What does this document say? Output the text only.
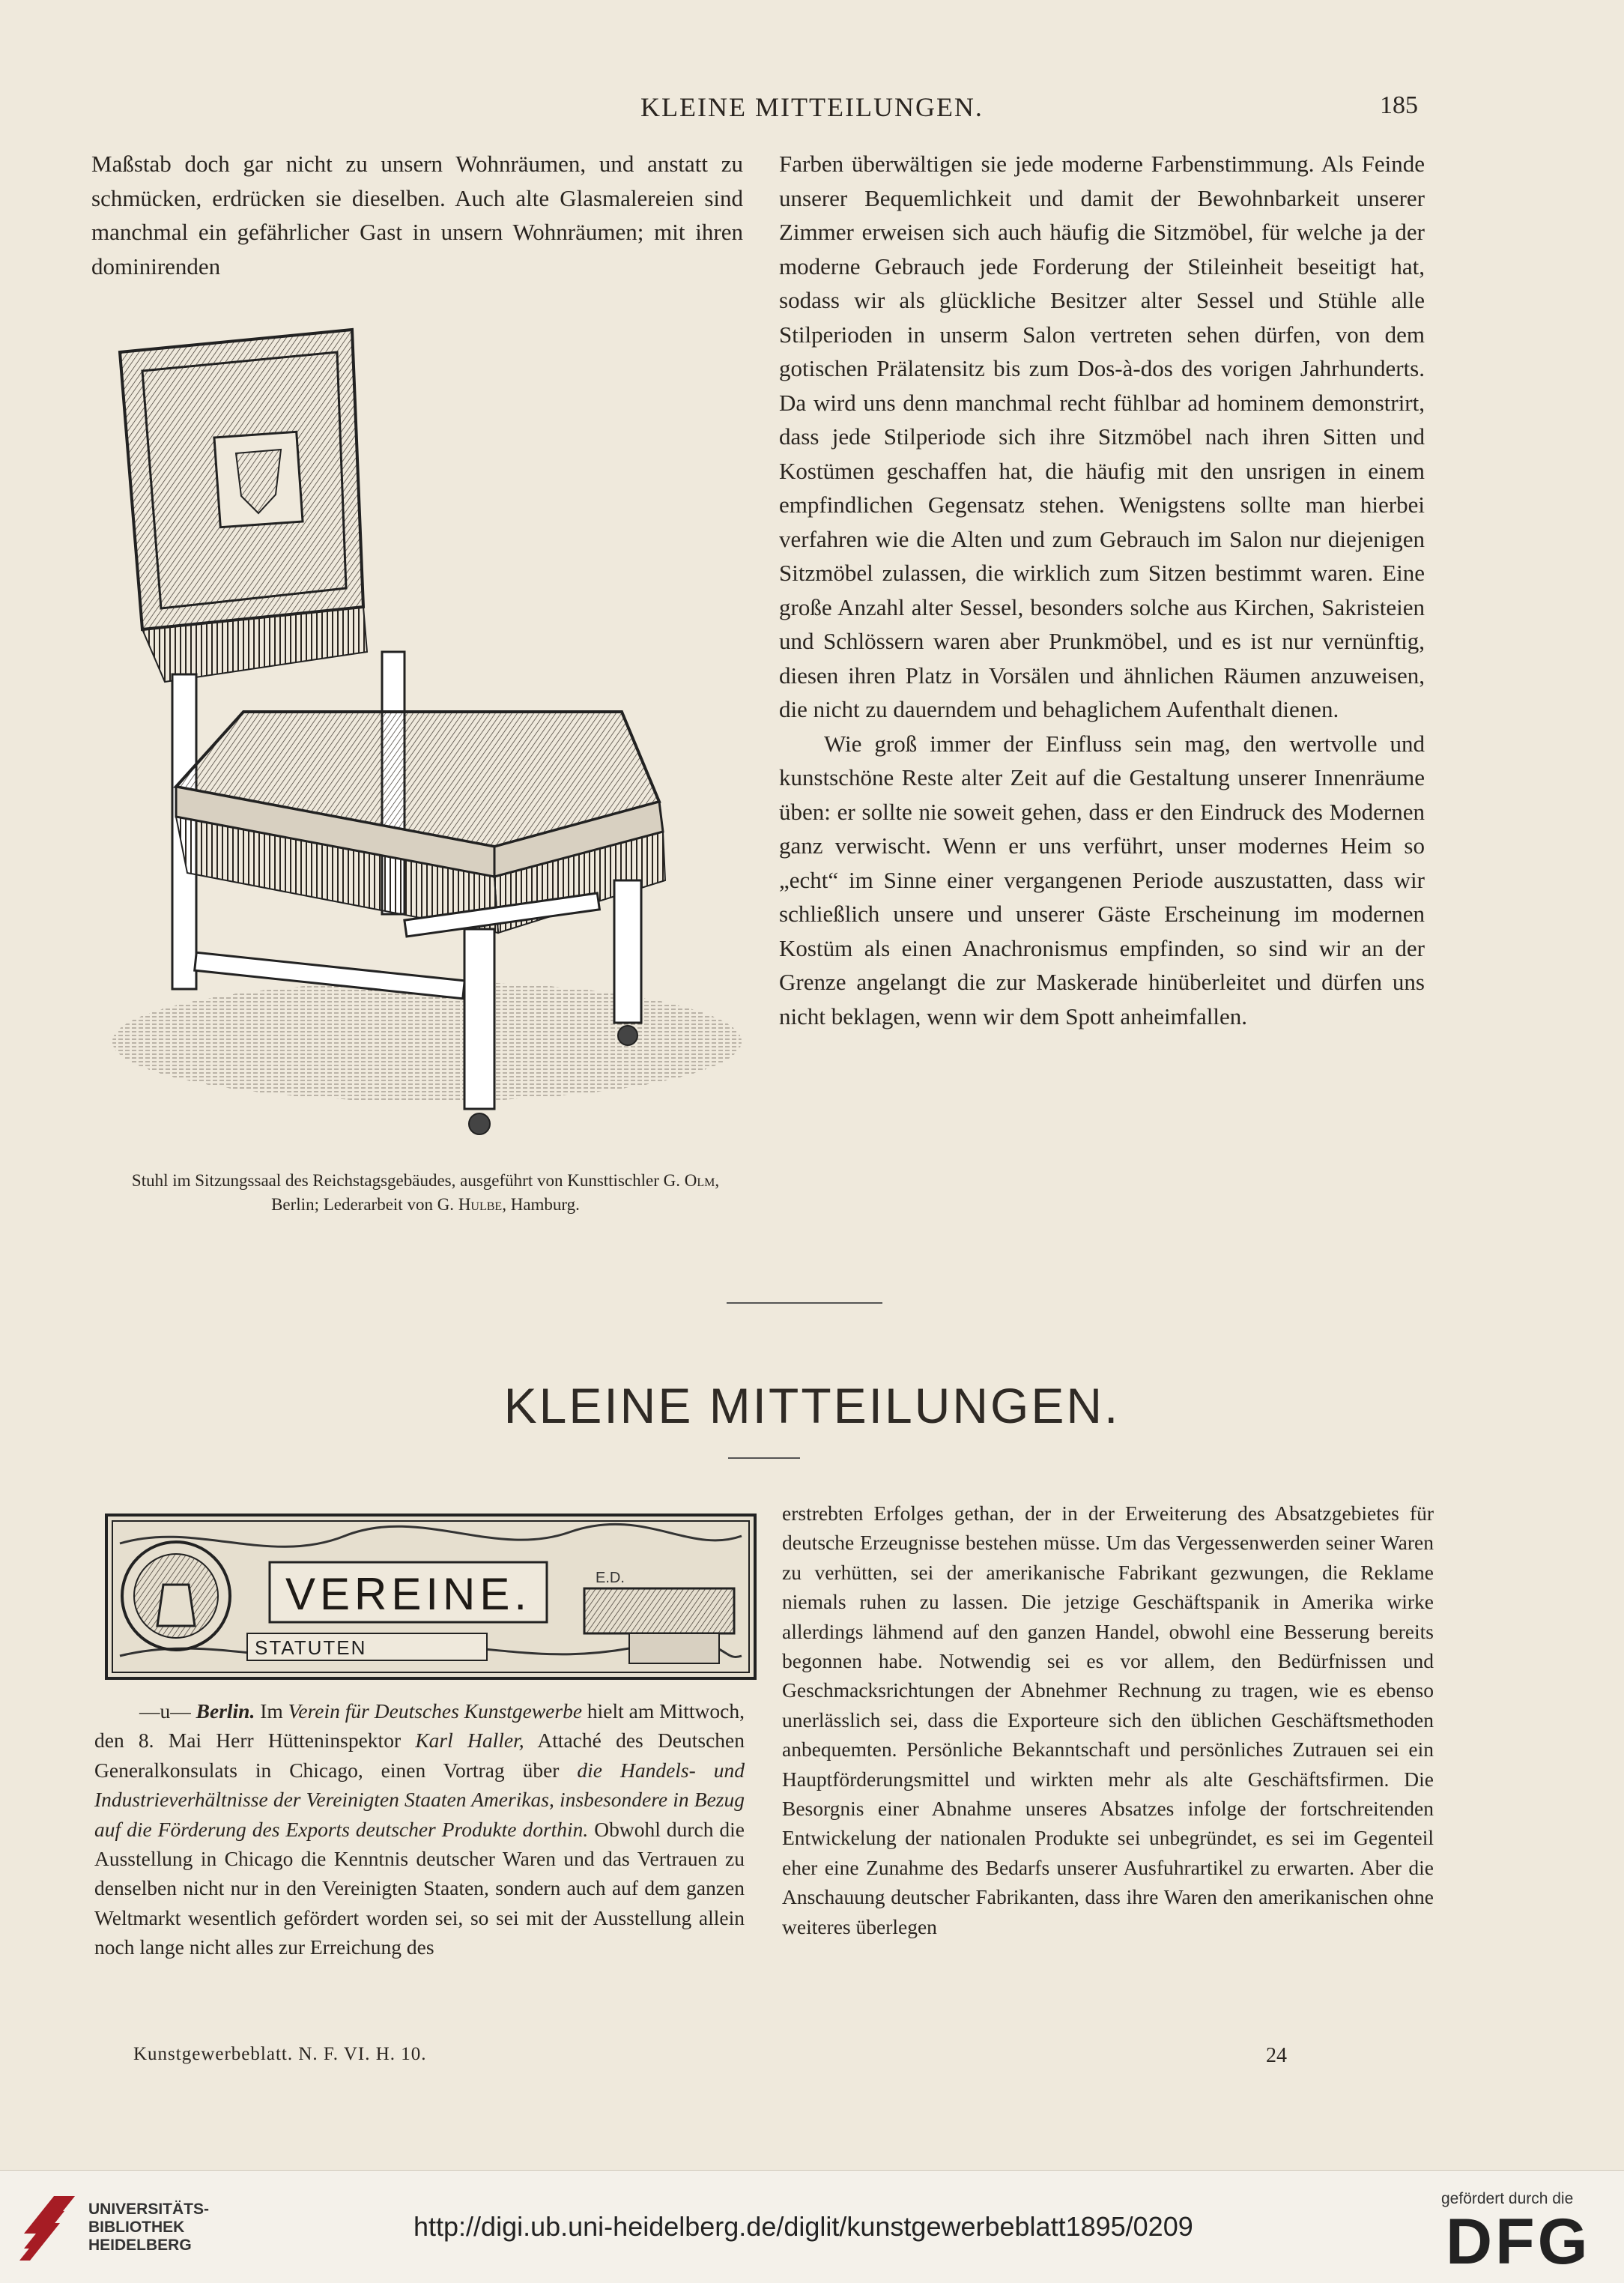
KLEINE MITTEILUNGEN.	185

Maßstab doch gar nicht zu unsern Wohnräumen, und anstatt zu schmücken, erdrücken sie dieselben. Auch alte Glasmalereien sind manchmal ein gefährlicher Gast in unsern Wohnräumen; mit ihren dominirenden

Stuhl im Sitzungssaal des Reichstagsgebäudes, ausgeführt von Kunsttischler G. Olm, Berlin; Lederarbeit von G. Hulbe, Hamburg.

Farben überwältigen sie jede moderne Farbenstimmung. Als Feinde unserer Bequemlichkeit und damit der Bewohnbarkeit unserer Zimmer erweisen sich auch häufig die Sitzmöbel, für welche ja der moderne Gebrauch jede Forderung der Stileinheit beseitigt hat, sodass wir als glückliche Besitzer alter Sessel und Stühle alle Stilperioden in unserm Salon vertreten sehen dürfen, von dem gotischen Prälatensitz bis zum Dos-à-dos des vorigen Jahrhunderts. Da wird uns denn manchmal recht fühlbar ad hominem demonstrirt, dass jede Stilperiode sich ihre Sitzmöbel nach ihren Sitten und Kostümen geschaffen hat, die häufig mit den unsrigen in einem empfindlichen Gegensatz stehen. Wenigstens sollte man hierbei verfahren wie die Alten und zum Gebrauch im Salon nur diejenigen Sitzmöbel zulassen, die wirklich zum Sitzen bestimmt waren. Eine große Anzahl alter Sessel, besonders solche aus Kirchen, Sakristeien und Schlössern waren aber Prunkmöbel, und es ist nur vernünftig, diesen ihren Platz in Vorsälen und ähnlichen Räumen anzuweisen, die nicht zu dauerndem und behaglichem Aufenthalt dienen.

Wie groß immer der Einfluss sein mag, den wertvolle und kunstschöne Reste alter Zeit auf die Gestaltung unserer Innenräume üben: er sollte nie soweit gehen, dass er den Eindruck des Modernen ganz verwischt. Wenn er uns verführt, unser modernes Heim so „echt“ im Sinne einer vergangenen Periode auszustatten, dass wir schließlich unsere und unserer Gäste Erscheinung im modernen Kostüm als einen Anachronismus empfinden, so sind wir an der Grenze angelangt die zur Maskerade hinüberleitet und dürfen uns nicht beklagen, wenn wir dem Spott anheimfallen.

KLEINE MITTEILUNGEN.
VEREINE.	E.D.
STATUTEN

—u— Berlin. Im Verein für Deutsches Kunstgewerbe hielt am Mittwoch, den 8. Mai Herr Hütteninspektor Karl Haller, Attaché des Deutschen Generalkonsulats in Chicago, einen Vortrag über die Handels- und Industrieverhältnisse der Vereinigten Staaten Amerikas, insbesondere in Bezug auf die Förderung des Exports deutscher Produkte dorthin. Obwohl durch die Ausstellung in Chicago die Kenntnis deutscher Waren und das Vertrauen zu denselben nicht nur in den Vereinigten Staaten, sondern auch auf dem ganzen Weltmarkt wesentlich gefördert worden sei, so sei mit der Ausstellung allein noch lange nicht alles zur Erreichung des

erstrebten Erfolges gethan, der in der Erweiterung des Absatzgebietes für deutsche Erzeugnisse bestehen müsse. Um das Vergessenwerden seiner Waren zu verhütten, sei der amerikanische Fabrikant gezwungen, die Reklame niemals ruhen zu lassen. Die jetzige Geschäftspanik in Amerika wirke allerdings lähmend auf den ganzen Handel, obwohl eine Besserung bereits begonnen habe. Notwendig sei es vor allem, den Bedürfnissen und Geschmacksrichtungen der Abnehmer Rechnung zu tragen, wie es ebenso unerlässlich sei, dass die Exporteure sich den üblichen Geschäftsmethoden anbequemten. Persönliche Bekanntschaft und persönliches Zutrauen sei ein Hauptförderungsmittel und wirkten mehr als alte Geschäftsfirmen. Die Besorgnis einer Abnahme unseres Absatzes infolge der fortschreitenden Entwickelung der nationalen Produkte sei unbegründet, es sei im Gegenteil eher eine Zunahme des Bedarfs unserer Ausfuhrartikel zu erwarten. Aber die Anschauung deutscher Fabrikanten, dass ihre Waren den amerikanischen ohne weiteres überlegen

Kunstgewerbeblatt. N. F. VI. H. 10.	24
UNIVERSITÄTS-
BIBLIOTHEK
HEIDELBERG
http://digi.ub.uni-heidelberg.de/diglit/kunstgewerbeblatt1895/0209
gefördert durch die
DFG
